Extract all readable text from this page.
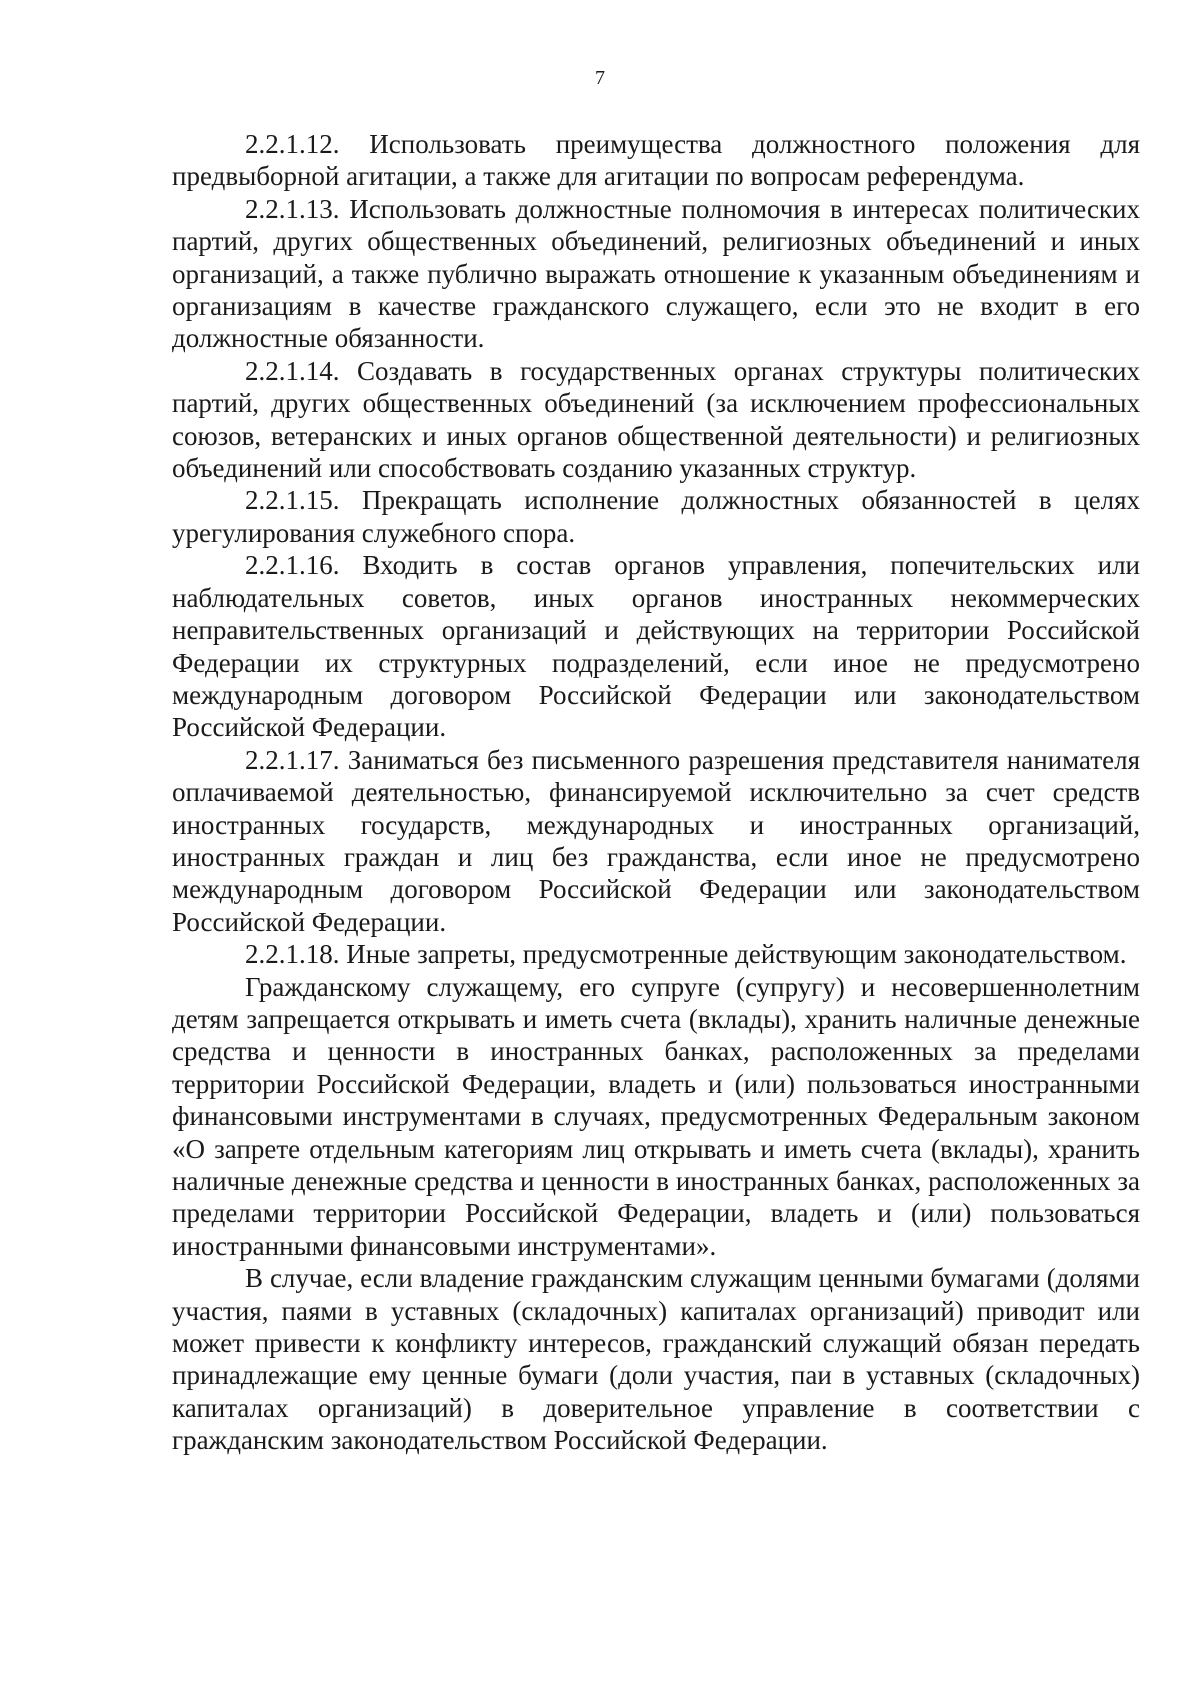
7

2.2.1.12. Использовать преимущества должностного положения для предвыборной агитации, а также для агитации по вопросам референдума.

2.2.1.13. Использовать должностные полномочия в интересах политических партий, других общественных объединений, религиозных объединений и иных организаций, а также публично выражать отношение к указанным объединениям и организациям в качестве гражданского служащего, если это не входит в его должностные обязанности.

2.2.1.14. Создавать в государственных органах структуры политических партий, других общественных объединений (за исключением профессиональных союзов, ветеранских и иных органов общественной деятельности) и религиозных объединений или способствовать созданию указанных структур.

2.2.1.15. Прекращать исполнение должностных обязанностей в целях урегулирования служебного спора.

2.2.1.16. Входить в состав органов управления, попечительских или наблюдательных советов, иных органов иностранных некоммерческих неправительственных организаций и действующих на территории Российской Федерации их структурных подразделений, если иное не предусмотрено международным договором Российской Федерации или законодательством Российской Федерации.

2.2.1.17. Заниматься без письменного разрешения представителя нанимателя оплачиваемой деятельностью, финансируемой исключительно за счет средств иностранных государств, международных и иностранных организаций, иностранных граждан и лиц без гражданства, если иное не предусмотрено международным договором Российской Федерации или законодательством Российской Федерации.

2.2.1.18. Иные запреты, предусмотренные действующим законодательством.

Гражданскому служащему, его супруге (супругу) и несовершеннолетним детям запрещается открывать и иметь счета (вклады), хранить наличные денежные средства и ценности в иностранных банках, расположенных за пределами территории Российской Федерации, владеть и (или) пользоваться иностранными финансовыми инструментами в случаях, предусмотренных Федеральным законом «О запрете отдельным категориям лиц открывать и иметь счета (вклады), хранить наличные денежные средства и ценности в иностранных банках, расположенных за пределами территории Российской Федерации, владеть и (или) пользоваться иностранными финансовыми инструментами».

В случае, если владение гражданским служащим ценными бумагами (долями участия, паями в уставных (складочных) капиталах организаций) приводит или может привести к конфликту интересов, гражданский служащий обязан передать принадлежащие ему ценные бумаги (доли участия, паи в уставных (складочных) капиталах организаций) в доверительное управление в соответствии с гражданским законодательством Российской Федерации.
